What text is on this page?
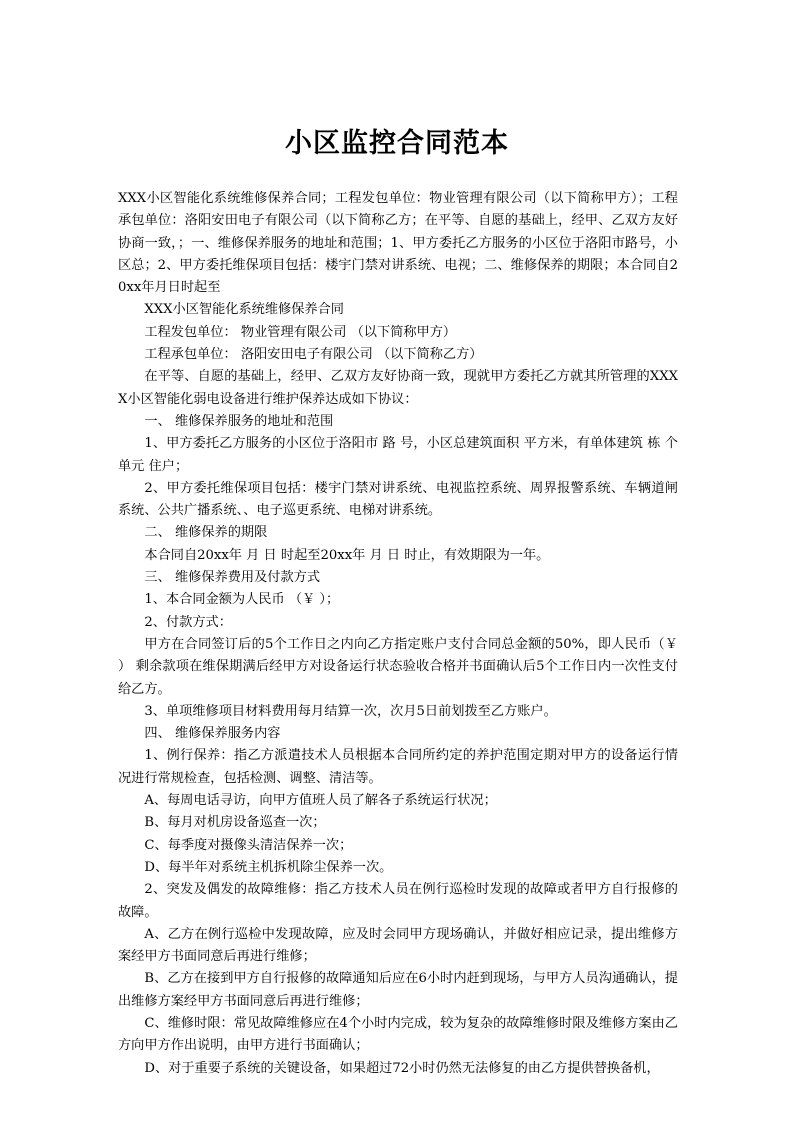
小区监控合同范本

XXX小区智能化系统维修保养合同；工程发包单位：物业管理有限公司（以下简称甲方）；工程承包单位：洛阳安田电子有限公司（以下简称乙方；在平等、自愿的基础上，经甲、乙双方友好协商一致，；一、维修保养服务的地址和范围；1、甲方委托乙方服务的小区位于洛阳市路号，小区总；2、甲方委托维保项目包括：楼宇门禁对讲系统、电视；二、维修保养的期限；本合同自20xx年月日时起至

XXX小区智能化系统维修保养合同

工程发包单位： 物业管理有限公司 （以下简称甲方）

工程承包单位： 洛阳安田电子有限公司 （以下简称乙方）

在平等、自愿的基础上，经甲、乙双方友好协商一致，现就甲方委托乙方就其所管理的XXXX小区智能化弱电设备进行维护保养达成如下协议：

一、 维修保养服务的地址和范围

1、甲方委托乙方服务的小区位于洛阳市 路 号，小区总建筑面积 平方米，有单体建筑 栋 个单元 住户；

2、甲方委托维保项目包括：楼宇门禁对讲系统、电视监控系统、周界报警系统、车辆道闸系统、公共广播系统、、电子巡更系统、电梯对讲系统。

二、 维修保养的期限

本合同自20xx年 月 日 时起至20xx年 月 日 时止，有效期限为一年。

三、 维修保养费用及付款方式

1、本合同金额为人民币 （￥ ）；

2、付款方式：

甲方在合同签订后的5个工作日之内向乙方指定账户支付合同总金额的50%，即人民币（￥ ） 剩余款项在维保期满后经甲方对设备运行状态验收合格并书面确认后5个工作日内一次性支付给乙方。

3、单项维修项目材料费用每月结算一次，次月5日前划拨至乙方账户。

四、 维修保养服务内容

1、例行保养：指乙方派遣技术人员根据本合同所约定的养护范围定期对甲方的设备运行情况进行常规检查，包括检测、调整、清洁等。

A、每周电话寻访，向甲方值班人员了解各子系统运行状况；

B、每月对机房设备巡查一次；

C、每季度对摄像头清洁保养一次；

D、每半年对系统主机拆机除尘保养一次。

2、突发及偶发的故障维修：指乙方技术人员在例行巡检时发现的故障或者甲方自行报修的故障。

A、乙方在例行巡检中发现故障，应及时会同甲方现场确认，并做好相应记录，提出维修方案经甲方书面同意后再进行维修；

B、乙方在接到甲方自行报修的故障通知后应在6小时内赶到现场，与甲方人员沟通确认，提出维修方案经甲方书面同意后再进行维修；

C、维修时限：常见故障维修应在4个小时内完成，较为复杂的故障维修时限及维修方案由乙方向甲方作出说明，由甲方进行书面确认；

D、对于重要子系统的关键设备，如果超过72小时仍然无法修复的由乙方提供替换备机，
